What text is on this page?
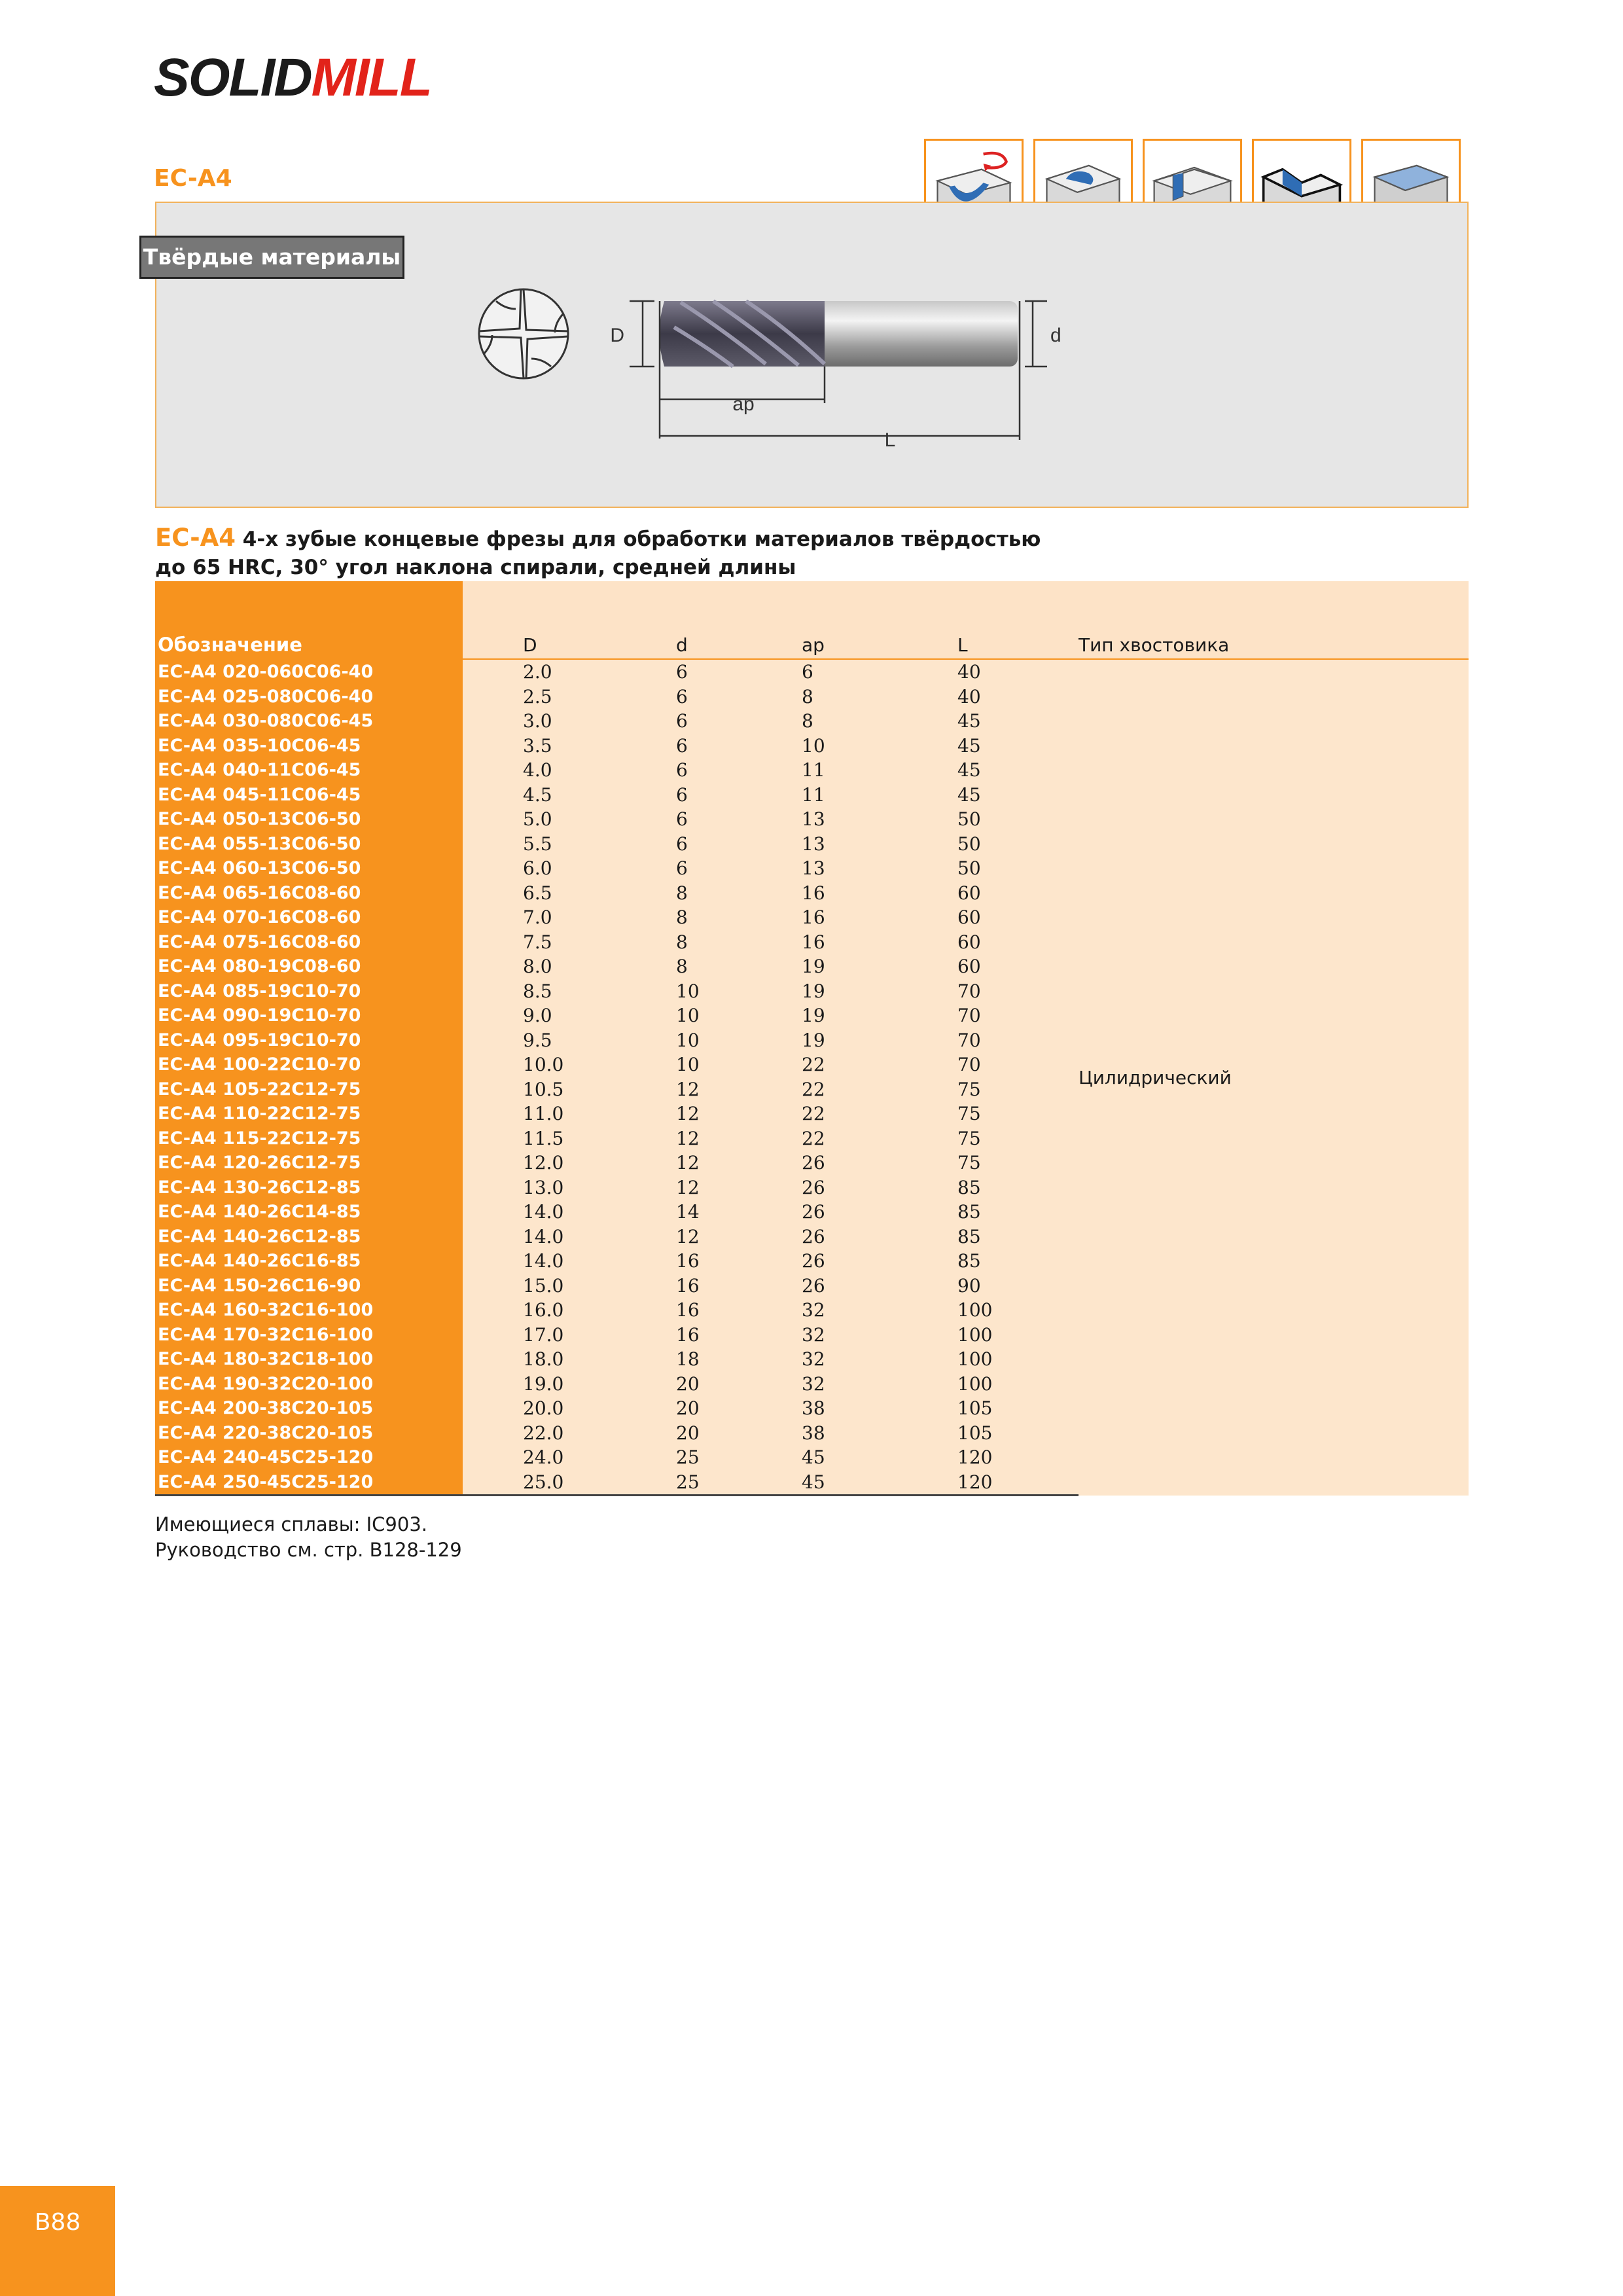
SOLIDMILL
EC-A4
Твёрдые материалы
D	d
ap
L
EC-A4 4-х зубые концевые фрезы для обработки материалов твёрдостью
до 65 HRC, 30° угол наклона спирали, средней длины
Обозначение	D	d	ap	L	Тип хвостовика
EC-A4 020-060C06-40	2.0	6	6	40	Цилидрический
EC-A4 025-080C06-40	2.5	6	8	40	
EC-A4 030-080C06-45	3.0	6	8	45	
EC-A4 035-10C06-45	3.5	6	10	45	
EC-A4 040-11C06-45	4.0	6	11	45	
EC-A4 045-11C06-45	4.5	6	11	45	
EC-A4 050-13C06-50	5.0	6	13	50	
EC-A4 055-13C06-50	5.5	6	13	50	
EC-A4 060-13C06-50	6.0	6	13	50	
EC-A4 065-16C08-60	6.5	8	16	60	
EC-A4 070-16C08-60	7.0	8	16	60	
EC-A4 075-16C08-60	7.5	8	16	60	
EC-A4 080-19C08-60	8.0	8	19	60	
EC-A4 085-19C10-70	8.5	10	19	70	
EC-A4 090-19C10-70	9.0	10	19	70	
EC-A4 095-19C10-70	9.5	10	19	70	
EC-A4 100-22C10-70	10.0	10	22	70	
EC-A4 105-22C12-75	10.5	12	22	75	
EC-A4 110-22C12-75	11.0	12	22	75	
EC-A4 115-22C12-75	11.5	12	22	75	
EC-A4 120-26C12-75	12.0	12	26	75	
EC-A4 130-26C12-85	13.0	12	26	85	
EC-A4 140-26C14-85	14.0	14	26	85	
EC-A4 140-26C12-85	14.0	12	26	85	
EC-A4 140-26C16-85	14.0	16	26	85	
EC-A4 150-26C16-90	15.0	16	26	90	
EC-A4 160-32C16-100	16.0	16	32	100	
EC-A4 170-32C16-100	17.0	16	32	100	
EC-A4 180-32C18-100	18.0	18	32	100	
EC-A4 190-32C20-100	19.0	20	32	100	
EC-A4 200-38C20-105	20.0	20	38	105	
EC-A4 220-38C20-105	22.0	20	38	105	
EC-A4 240-45C25-120	24.0	25	45	120	
EC-A4 250-45C25-120	25.0	25	45	120	
Имеющиеся сплавы: IC903.
Руководство см. стр. B128-129
B88
